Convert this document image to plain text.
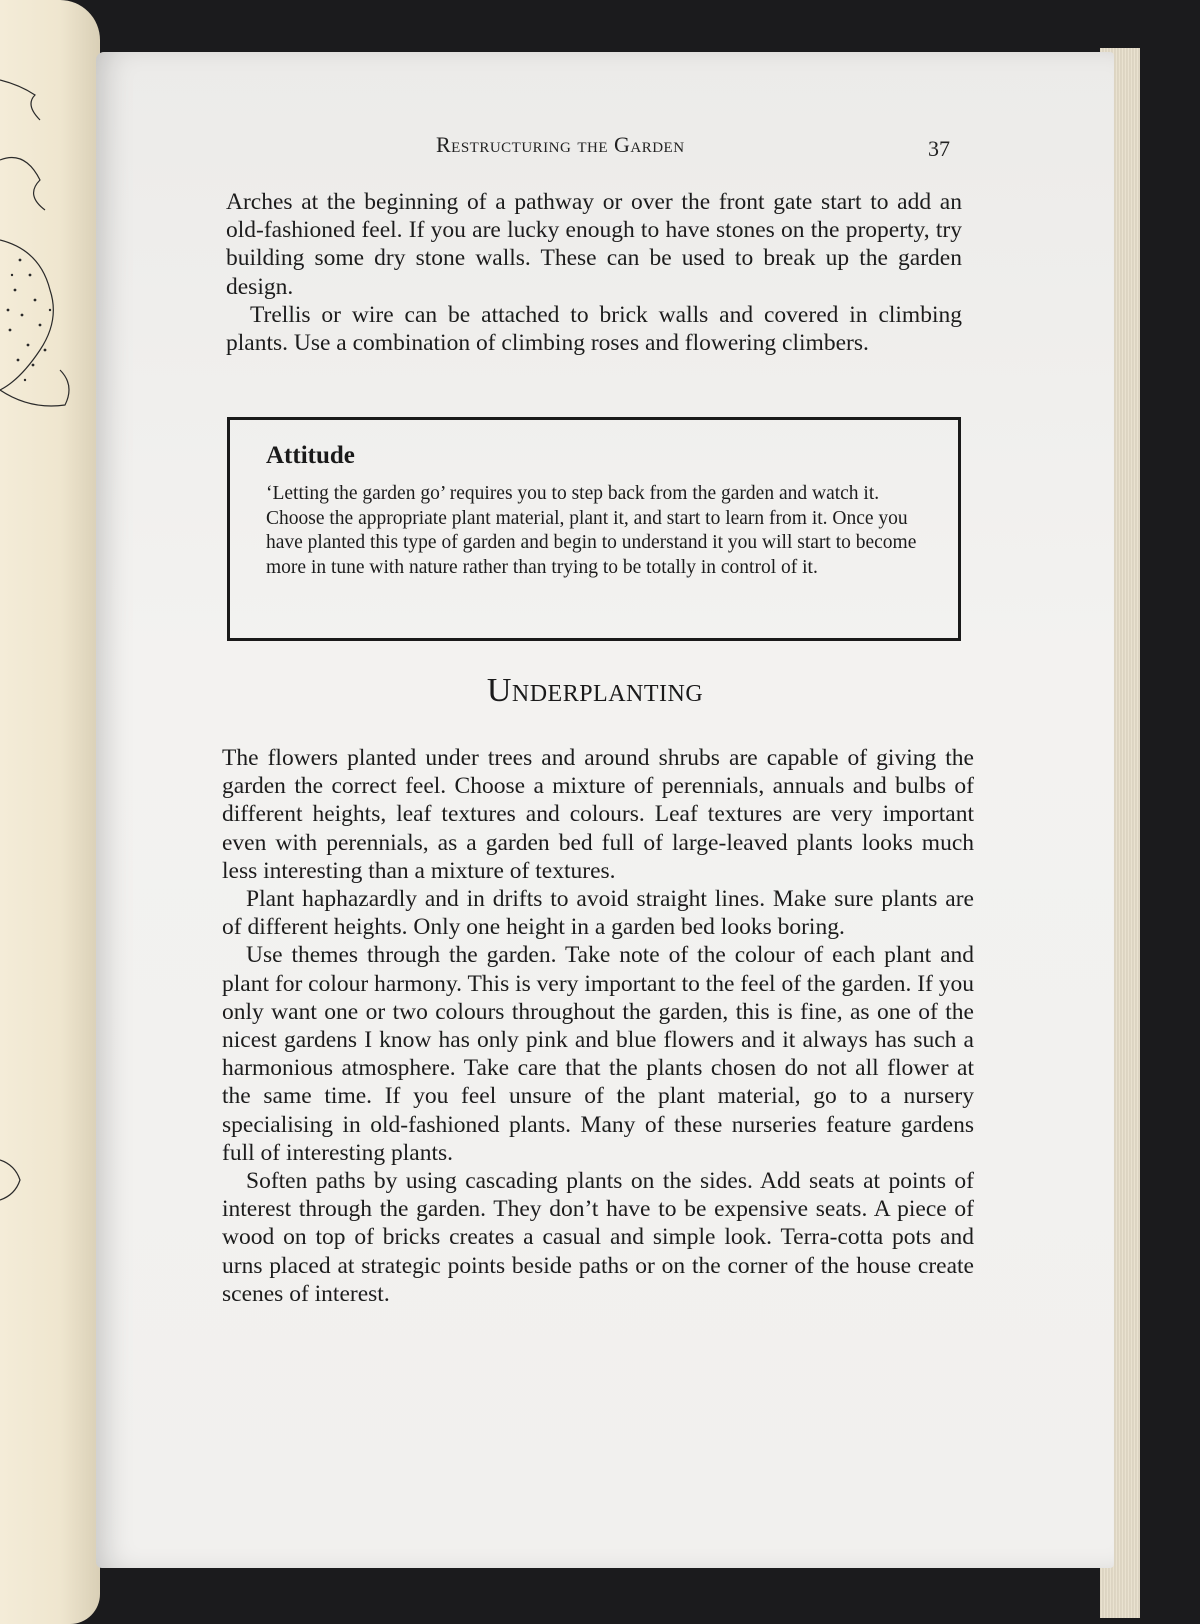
Restructuring the Garden	37

Arches at the beginning of a pathway or over the front gate start to add an old-fashioned feel. If you are lucky enough to have stones on the property, try building some dry stone walls. These can be used to break up the garden design.

Trellis or wire can be attached to brick walls and covered in climbing plants. Use a combination of climbing roses and flowering climbers.

Attitude
‘Letting the garden go’ requires you to step back from the garden and watch it. Choose the appropriate plant material, plant it, and start to learn from it. Once you have planted this type of garden and begin to understand it you will start to become more in tune with nature rather than trying to be totally in control of it.
Underplanting

The flowers planted under trees and around shrubs are capable of giving the garden the correct feel. Choose a mixture of perennials, annuals and bulbs of different heights, leaf textures and colours. Leaf textures are very important even with perennials, as a garden bed full of large-leaved plants looks much less interesting than a mixture of textures.

Plant haphazardly and in drifts to avoid straight lines. Make sure plants are of different heights. Only one height in a garden bed looks boring.

Use themes through the garden. Take note of the colour of each plant and plant for colour harmony. This is very important to the feel of the garden. If you only want one or two colours throughout the garden, this is fine, as one of the nicest gardens I know has only pink and blue flowers and it always has such a harmonious atmosphere. Take care that the plants chosen do not all flower at the same time. If you feel unsure of the plant material, go to a nursery specialising in old-fashioned plants. Many of these nurseries feature gardens full of interesting plants.

Soften paths by using cascading plants on the sides. Add seats at points of interest through the garden. They don’t have to be expensive seats. A piece of wood on top of bricks creates a casual and simple look. Terra-cotta pots and urns placed at strategic points beside paths or on the corner of the house create scenes of interest.
